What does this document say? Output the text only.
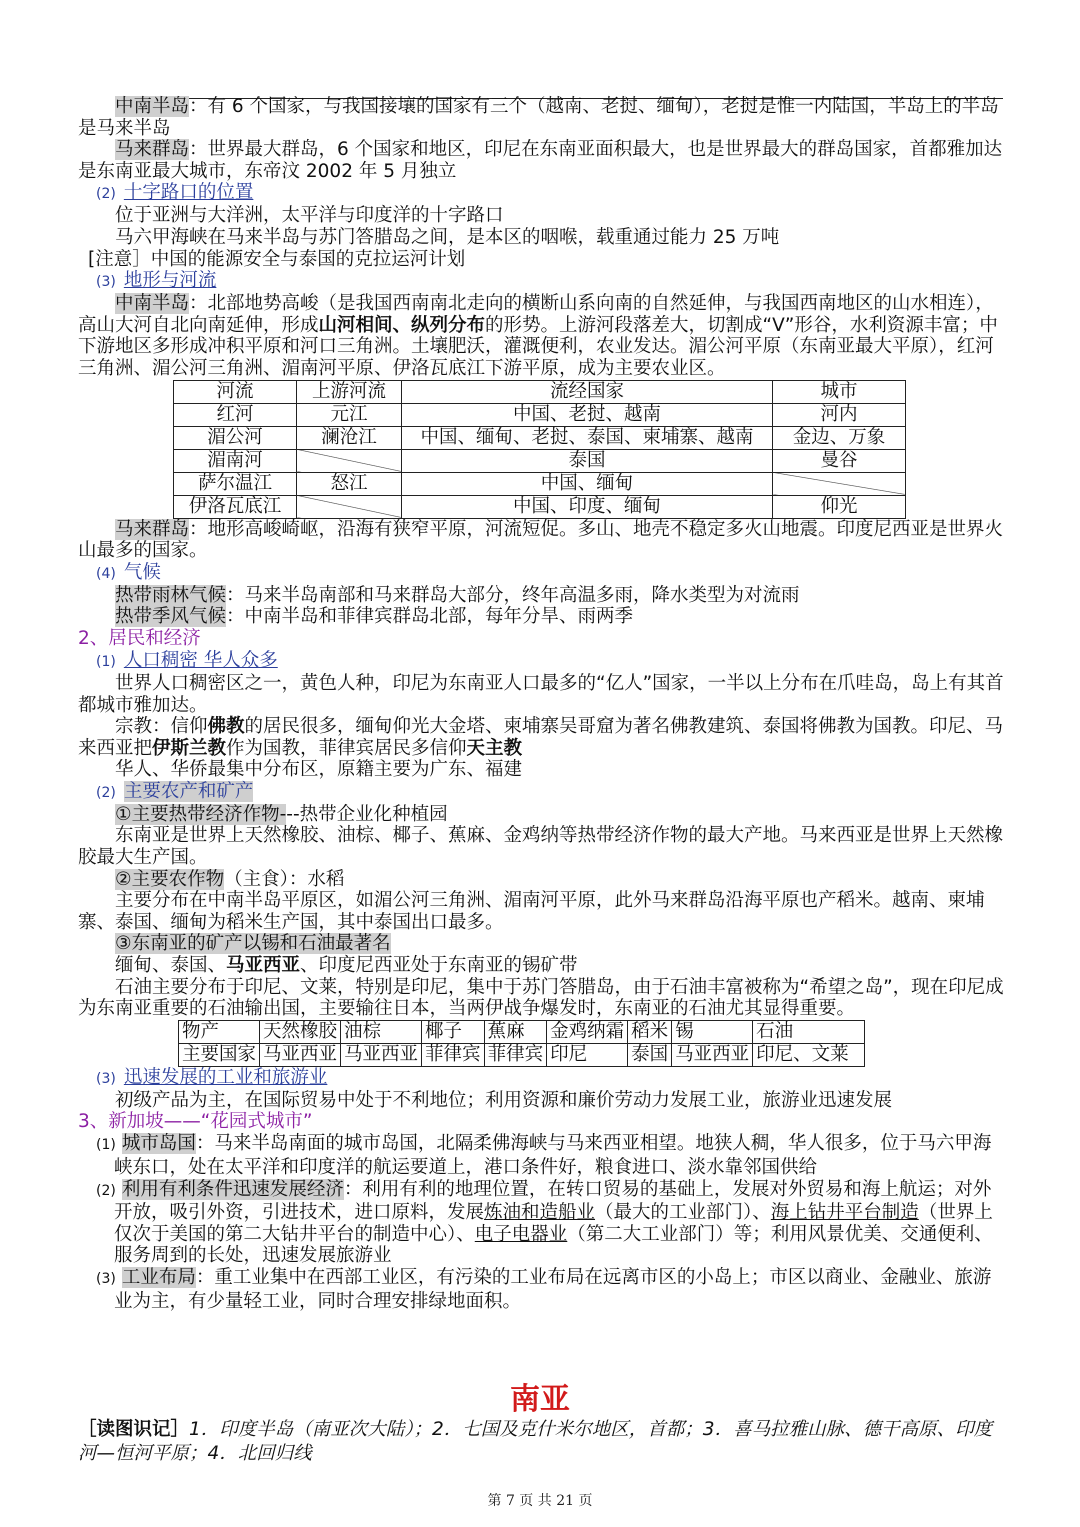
中南半岛：有 6 个国家，与我国接壤的国家有三个（越南、老挝、缅甸），老挝是惟一内陆国，半岛上的半岛是马来半岛

马来群岛：世界最大群岛，6 个国家和地区，印尼在东南亚面积最大，也是世界最大的群岛国家，首都雅加达是东南亚最大城市，东帝汶 2002 年 5 月独立

(2) 十字路口的位置

位于亚洲与大洋洲，太平洋与印度洋的十字路口

马六甲海峡在马来半岛与苏门答腊岛之间，是本区的咽喉，载重通过能力 25 万吨

[注意］中国的能源安全与泰国的克拉运河计划

(3) 地形与河流

中南半岛：北部地势高峻（是我国西南南北走向的横断山系向南的自然延伸，与我国西南地区的山水相连），高山大河自北向南延伸，形成山河相间、纵列分布的形势。上游河段落差大，切割成“V”形谷，水利资源丰富；中下游地区多形成冲积平原和河口三角洲。土壤肥沃，灌溉便利，农业发达。湄公河平原（东南亚最大平原），红河三角洲、湄公河三角洲、湄南河平原、伊洛瓦底江下游平原，成为主要农业区。

河流	上游河流	流经国家	城市
红河	元江	中国、老挝、越南	河内
湄公河	澜沧江	中国、缅甸、老挝、泰国、柬埔寨、越南	金边、万象
湄南河		泰国	曼谷
萨尔温江	怒江	中国、缅甸	
伊洛瓦底江		中国、印度、缅甸	仰光

马来群岛：地形高峻崎岖，沿海有狭窄平原，河流短促。多山、地壳不稳定多火山地震。印度尼西亚是世界火山最多的国家。

(4) 气候

热带雨林气候：马来半岛南部和马来群岛大部分，终年高温多雨，降水类型为对流雨

热带季风气候：中南半岛和菲律宾群岛北部，每年分旱、雨两季

2、居民和经济

(1) 人口稠密 华人众多

世界人口稠密区之一，黄色人种，印尼为东南亚人口最多的“亿人”国家，一半以上分布在爪哇岛，岛上有其首都城市雅加达。

宗教：信仰佛教的居民很多，缅甸仰光大金塔、柬埔寨吴哥窟为著名佛教建筑、泰国将佛教为国教。印尼、马来西亚把伊斯兰教作为国教，菲律宾居民多信仰天主教

华人、华侨最集中分布区，原籍主要为广东、福建

(2) 主要农产和矿产

①主要热带经济作物---热带企业化种植园

东南亚是世界上天然橡胶、油棕、椰子、蕉麻、金鸡纳等热带经济作物的最大产地。马来西亚是世界上天然橡胶最大生产国。

②主要农作物（主食）：水稻

主要分布在中南半岛平原区，如湄公河三角洲、湄南河平原，此外马来群岛沿海平原也产稻米。越南、柬埔寨、泰国、缅甸为稻米生产国，其中泰国出口最多。

③东南亚的矿产以锡和石油最著名

缅甸、泰国、马亚西亚、印度尼西亚处于东南亚的锡矿带

石油主要分布于印尼、文莱，特别是印尼，集中于苏门答腊岛，由于石油丰富被称为“希望之岛”，现在印尼成为东南亚重要的石油输出国，主要输往日本，当两伊战争爆发时，东南亚的石油尤其显得重要。

物产	天然橡胶	油棕	椰子	蕉麻	金鸡纳霜	稻米	锡	石油
主要国家	马亚西亚	马亚西亚	菲律宾	菲律宾	印尼	泰国	马亚西亚	印尼、文莱

(3) 迅速发展的工业和旅游业

初级产品为主，在国际贸易中处于不利地位；利用资源和廉价劳动力发展工业，旅游业迅速发展

3、新加坡——“花园式城市”

(1) 城市岛国：马来半岛南面的城市岛国，北隔柔佛海峡与马来西亚相望。地狭人稠，华人很多，位于马六甲海峡东口，处在太平洋和印度洋的航运要道上，港口条件好，粮食进口、淡水靠邻国供给

(2) 利用有利条件迅速发展经济：利用有利的地理位置，在转口贸易的基础上，发展对外贸易和海上航运；对外开放，吸引外资，引进技术，进口原料，发展炼油和造船业（最大的工业部门）、海上钻井平台制造（世界上仅次于美国的第二大钻井平台的制造中心）、电子电器业（第二大工业部门）等；利用风景优美、交通便利、服务周到的长处，迅速发展旅游业

(3) 工业布局：重工业集中在西部工业区，有污染的工业布局在远离市区的小岛上；市区以商业、金融业、旅游业为主，有少量轻工业，同时合理安排绿地面积。

南亚
［读图识记］1．印度半岛（南亚次大陆）；2．七国及克什米尔地区，首都；3．喜马拉雅山脉、德干高原、印度河—恒河平原；4．北回归线
第 7 页 共 21 页
